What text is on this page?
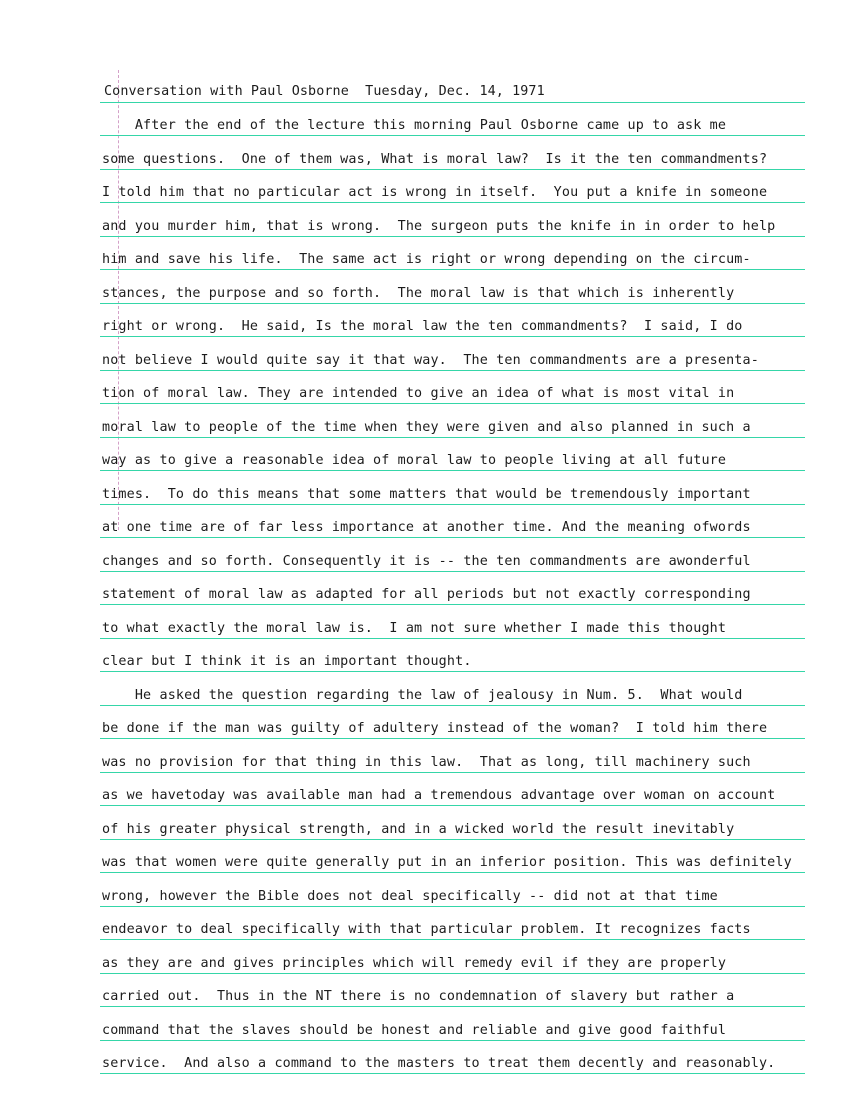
Conversation with Paul Osborne  Tuesday, Dec. 14, 1971
After the end of the lecture this morning Paul Osborne came up to ask me
some questions.  One of them was, What is moral law?  Is it the ten commandments?
I told him that no particular act is wrong in itself.  You put a knife in someone
and you murder him, that is wrong.  The surgeon puts the knife in in order to help
him and save his life.  The same act is right or wrong depending on the circum-
stances, the purpose and so forth.  The moral law is that which is inherently
right or wrong.  He said, Is the moral law the ten commandments?  I said, I do
not believe I would quite say it that way.  The ten commandments are a presenta-
tion of moral law. They are intended to give an idea of what is most vital in
moral law to people of the time when they were given and also planned in such a
way as to give a reasonable idea of moral law to people living at all future
times.  To do this means that some matters that would be tremendously important
at one time are of far less importance at another time. And the meaning ofwords
changes and so forth. Consequently it is -- the ten commandments are awonderful
statement of moral law as adapted for all periods but not exactly corresponding
to what exactly the moral law is.  I am not sure whether I made this thought
clear but I think it is an important thought.
He asked the question regarding the law of jealousy in Num. 5.  What would
be done if the man was guilty of adultery instead of the woman?  I told him there
was no provision for that thing in this law.  That as long, till machinery such
as we havetoday was available man had a tremendous advantage over woman on account
of his greater physical strength, and in a wicked world the result inevitably
was that women were quite generally put in an inferior position. This was definitely
wrong, however the Bible does not deal specifically -- did not at that time
endeavor to deal specifically with that particular problem. It recognizes facts
as they are and gives principles which will remedy evil if they are properly
carried out.  Thus in the NT there is no condemnation of slavery but rather a
command that the slaves should be honest and reliable and give good faithful
service.  And also a command to the masters to treat them decently and reasonably.
